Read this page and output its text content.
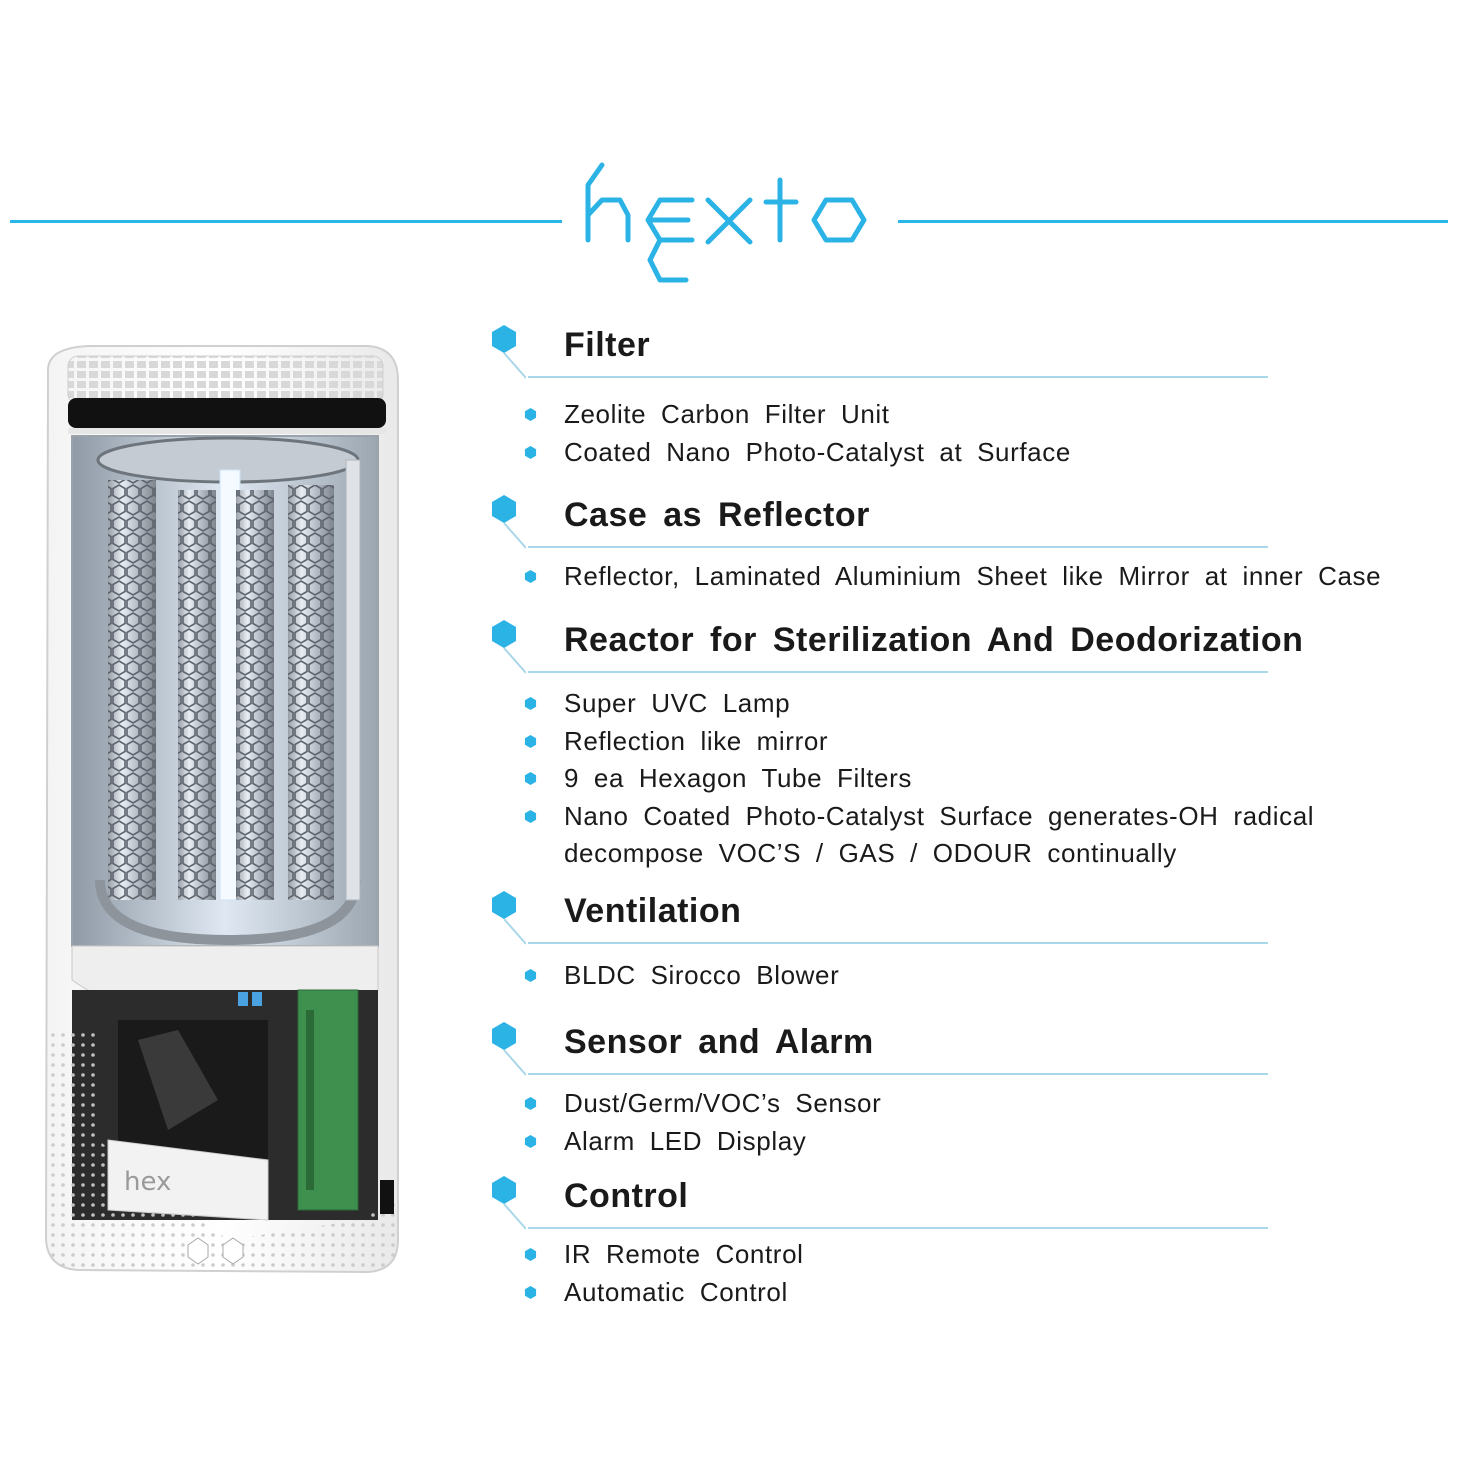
hex
Filter
Zeolite Carbon Filter Unit
Coated Nano Photo-Catalyst at Surface
Case as Reflector
Reflector, Laminated Aluminium Sheet like Mirror at inner Case
Reactor for Sterilization And Deodorization
Super UVC Lamp
Reflection like mirror
9 ea Hexagon Tube Filters
Nano Coated Photo-Catalyst Surface generates-OH radical
decompose VOC’S / GAS / ODOUR continually
Ventilation
BLDC Sirocco Blower
Sensor and Alarm
Dust/Germ/VOC’s Sensor
Alarm LED Display
Control
IR Remote Control
Automatic Control
